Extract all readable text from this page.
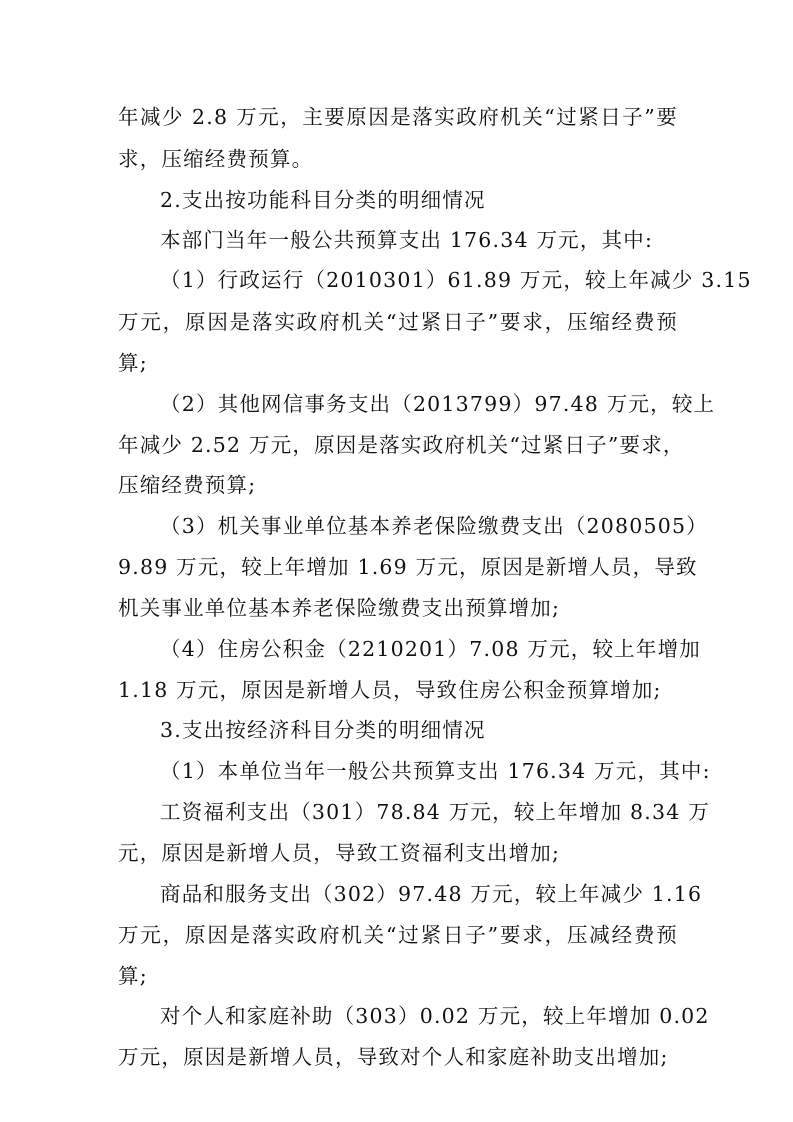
年减少 2.8 万元，主要原因是落实政府机关“过紧日子”要
求，压缩经费预算。
2.支出按功能科目分类的明细情况
本部门当年一般公共预算支出 176.34 万元，其中:
（1）行政运行（2010301）61.89 万元，较上年减少 3.15
万元，原因是落实政府机关“过紧日子”要求，压缩经费预
算;
（2）其他网信事务支出（2013799）97.48 万元，较上
年减少 2.52 万元，原因是落实政府机关“过紧日子”要求，
压缩经费预算;
（3）机关事业单位基本养老保险缴费支出（2080505）
9.89 万元，较上年增加 1.69 万元，原因是新增人员，导致
机关事业单位基本养老保险缴费支出预算增加;
（4）住房公积金（2210201）7.08 万元，较上年增加
1.18 万元，原因是新增人员，导致住房公积金预算增加;
3.支出按经济科目分类的明细情况
（1）本单位当年一般公共预算支出 176.34 万元，其中:
工资福利支出（301）78.84 万元，较上年增加 8.34 万
元，原因是新增人员，导致工资福利支出增加;
商品和服务支出（302）97.48 万元，较上年减少 1.16
万元，原因是落实政府机关“过紧日子”要求，压减经费预
算;
对个人和家庭补助（303）0.02 万元，较上年增加 0.02
万元，原因是新增人员，导致对个人和家庭补助支出增加;
